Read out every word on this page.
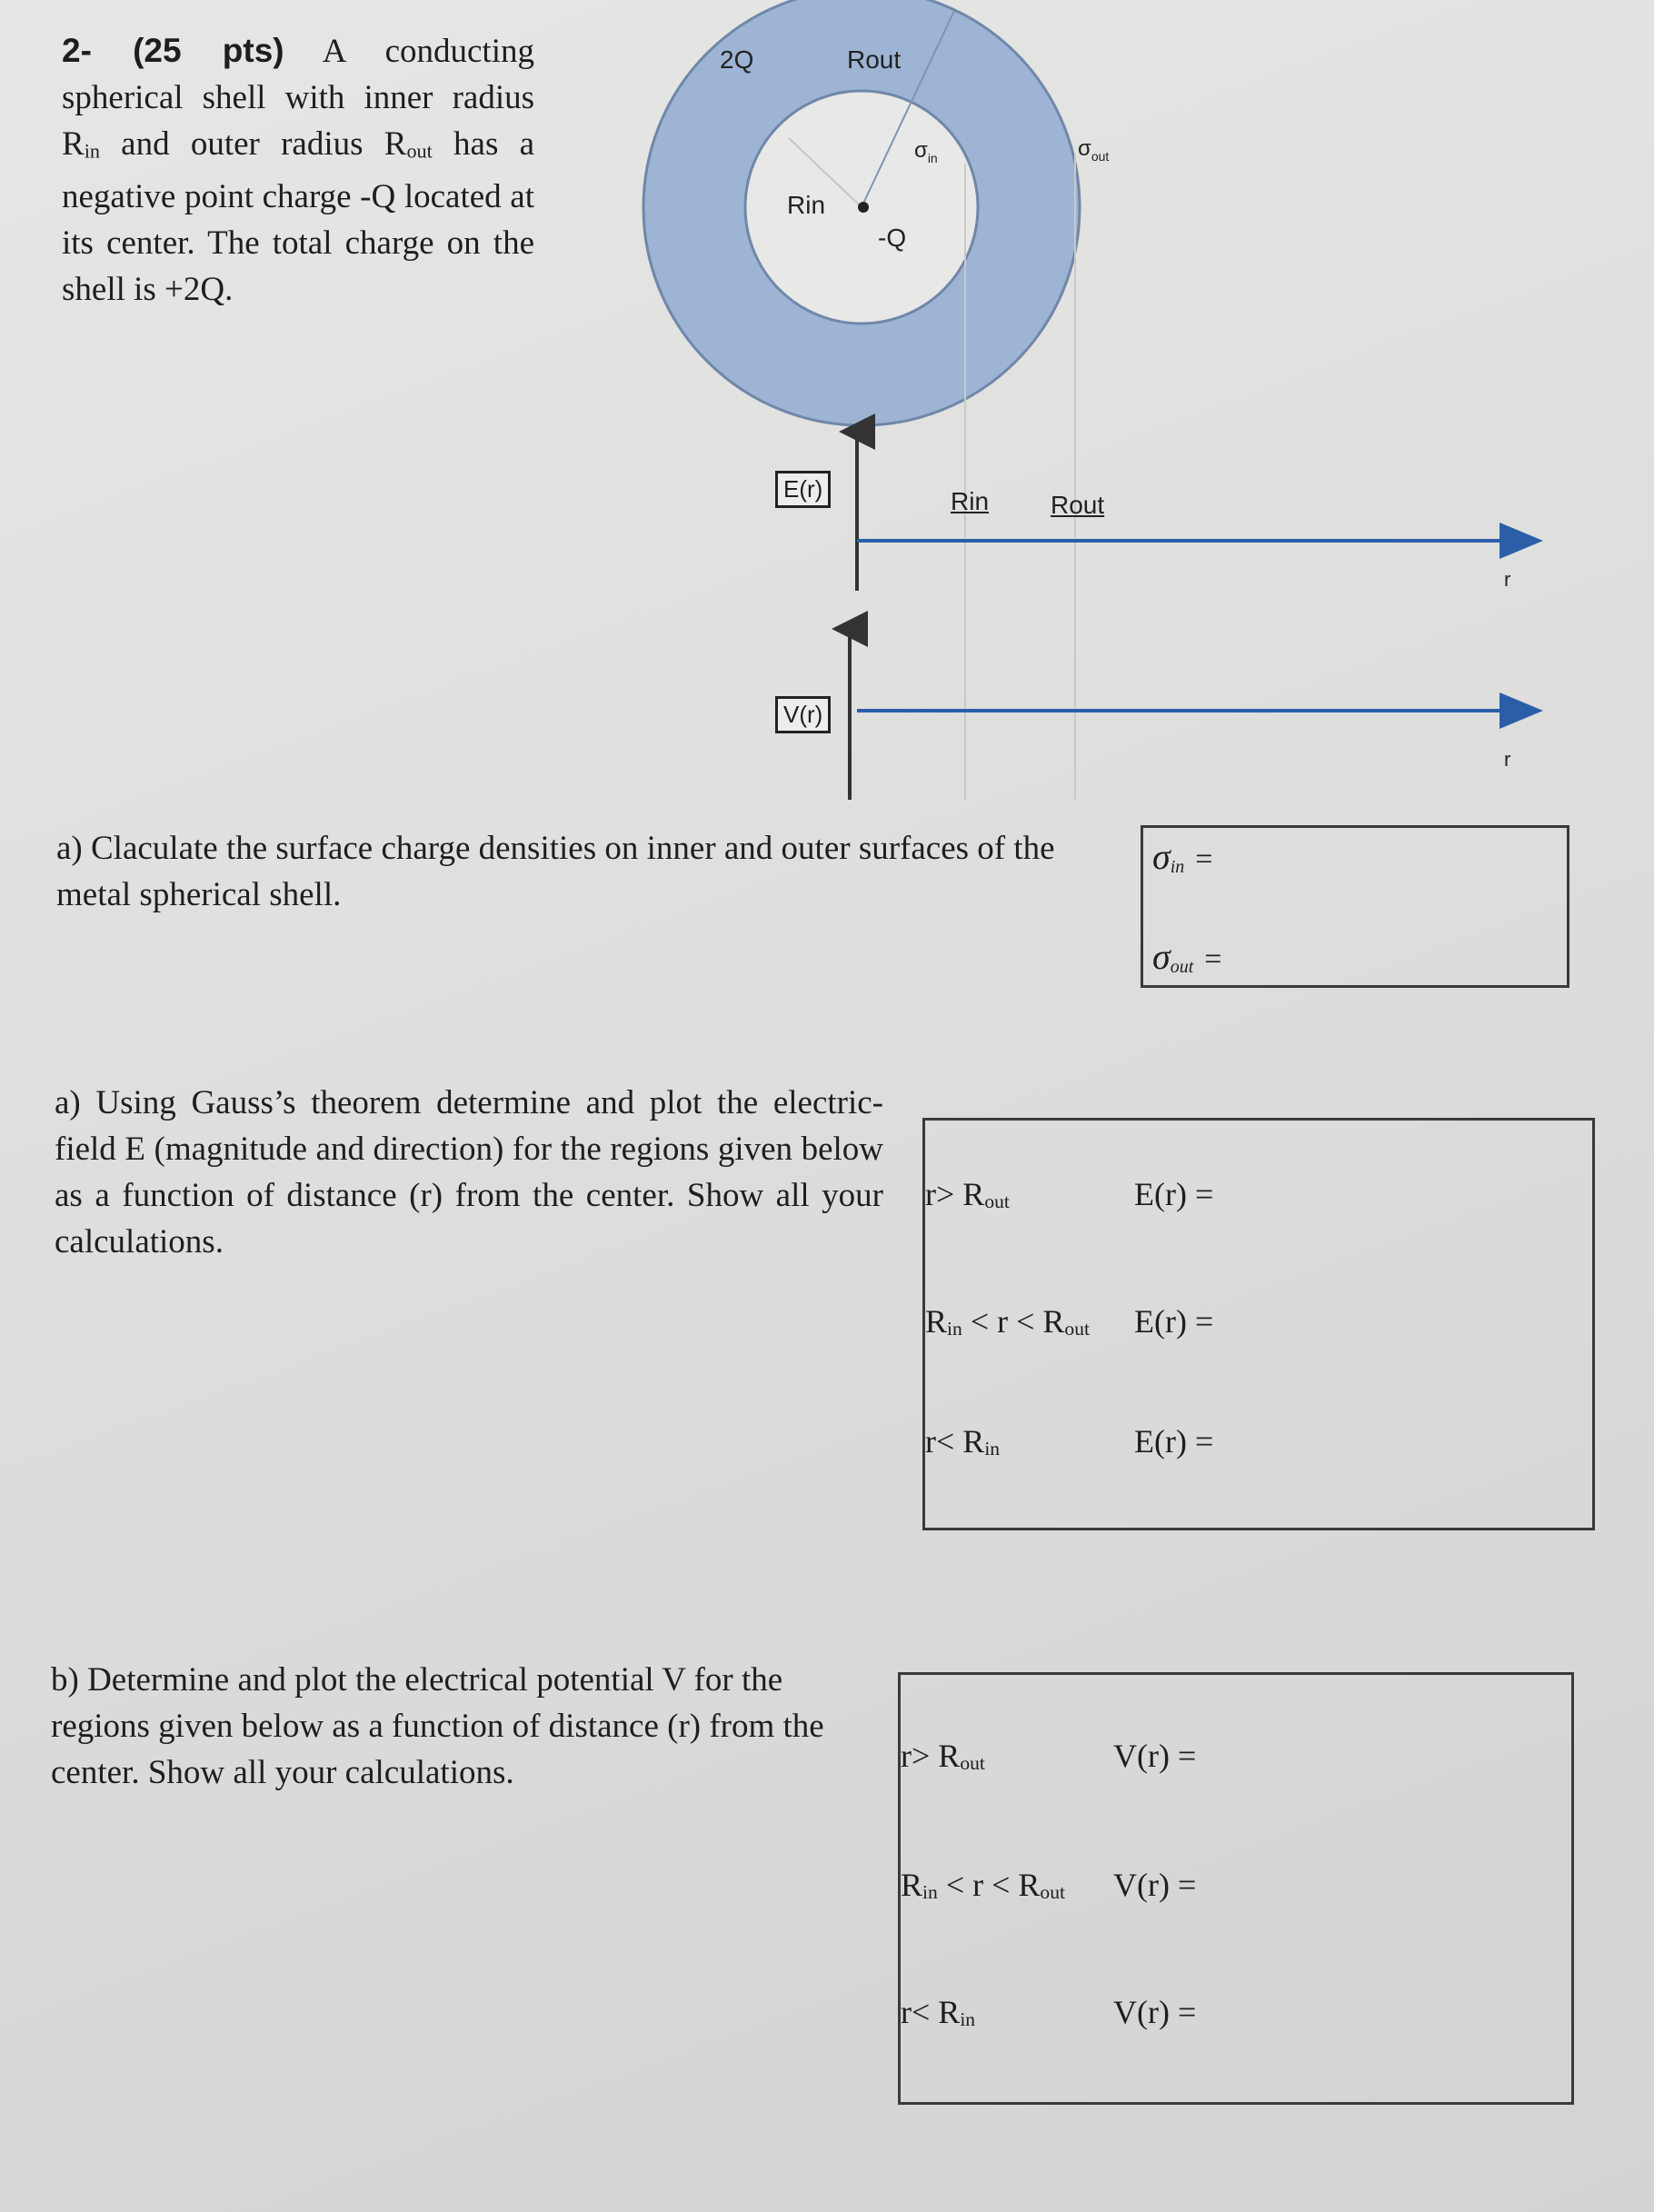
2- (25 pts) A conducting spherical shell with inner radius $R_{in}$ and outer radius $R_{out}$ has a negative point charge -Q located at its center. The total charge on the shell is +2Q.
2Q	Rout
Rin
-Q
$\sigma_{in}$	$\sigma_{out}$
E(r)
V(r)
Rin Rout
r
r
a) Claculate the surface charge densities on inner and outer surfaces of the metal spherical shell.
$\sigma_{in}$ =
$\sigma_{out}$ =
a) Using Gauss’s theorem determine and plot the electric-field E (magnitude and direction) for the regions given below as a function of distance (r) from the center. Show all your calculations.
$r> R_{out}$	E(r) =
$R_{in} < r < R_{out}$ E(r) =
$r< R_{in}$	E(r) =
b) Determine and plot the electrical potential V for the regions given below as a function of distance (r) from the center. Show all your calculations.	$r> R_{out}$	V(r) =
$R_{in} < r < R_{out}$ V(r) =
$r< R_{in}$	V(r) =
